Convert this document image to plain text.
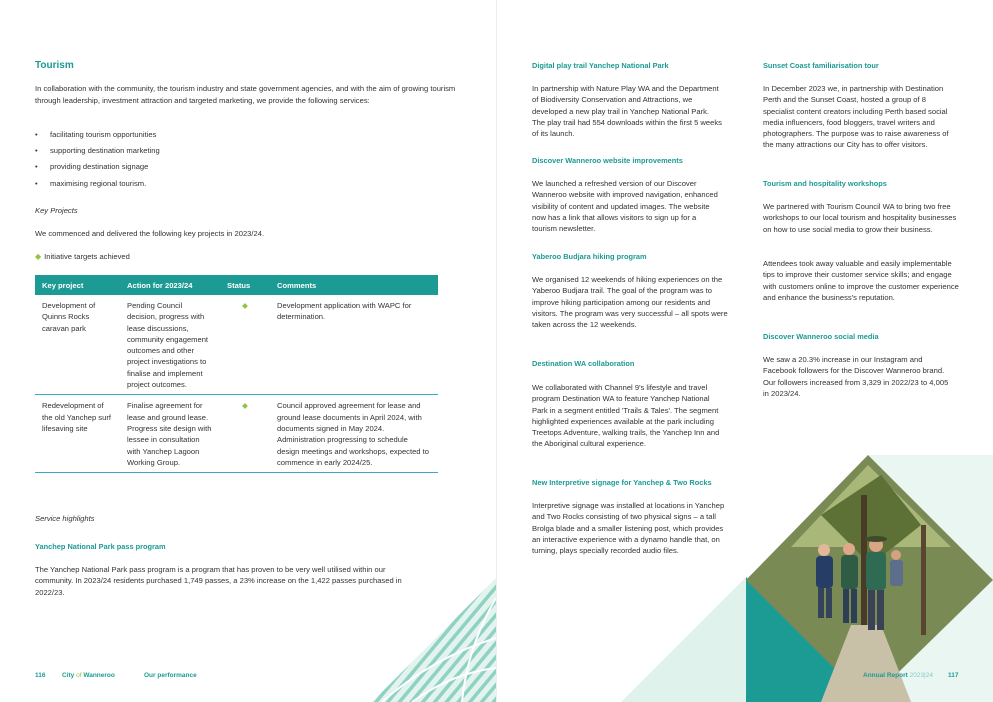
Tourism

In collaboration with the community, the tourism industry and state government agencies, and with the aim of growing tourism through leadership, investment attraction and targeted marketing, we provide the following services:

• facilitating tourism opportunities
• supporting destination marketing
• providing destination signage
• maximising regional tourism.
Key Projects
We commenced and delivered the following key projects in 2023/24.
◆ Initiative targets achieved
Key project	Action for 2023/24	Status	Comments
Development of Quinns Rocks caravan park	Pending Council decision, progress with lease discussions, community engagement outcomes and other project investigations to finalise and implement project outcomes.	◆	Development application with WAPC for determination.
Redevelopment of the old Yanchep surf lifesaving site	Finalise agreement for lease and ground lease. Progress site design with lessee in consultation with Yanchep Lagoon Working Group.	◆	Council approved agreement for lease and ground lease documents in April 2024, with documents signed in May 2024. Administration progressing to schedule design meetings and workshops, expected to commence in early 2024/25.
Service highlights
Yanchep National Park pass program

The Yanchep National Park pass program is a program that has proven to be very well utilised within our community. In 2023/24 residents purchased 1,749 passes, a 23% increase on the 1,422 passes purchased in 2022/23.

116	City of Wanneroo	Our performance
Digital play trail Yanchep National Park

In partnership with Nature Play WA and the Department of Biodiversity Conservation and Attractions, we developed a new play trail in Yanchep National Park. The play trail had 554 downloads within the first 5 weeks of its launch.

Discover Wanneroo website improvements

We launched a refreshed version of our Discover Wanneroo website with improved navigation, enhanced visibility of content and updated images. The website now has a link that allows visitors to sign up for a tourism newsletter.

Yaberoo Budjara hiking program

We organised 12 weekends of hiking experiences on the Yaberoo Budjara trail. The goal of the program was to improve hiking participation among our residents and visitors. The program was very successful – all spots were taken across the 12 weekends.

Destination WA collaboration

We collaborated with Channel 9's lifestyle and travel program Destination WA to feature Yanchep National Park in a segment entitled 'Trails & Tales'. The segment highlighted experiences available at the park including Treetops Adventure, walking trails, the Yanchep Inn and the Aboriginal cultural experience.

New Interpretive signage for Yanchep & Two Rocks

Interpretive signage was installed at locations in Yanchep and Two Rocks consisting of two physical signs – a tall Brolga blade and a smaller listening post, which provides an interactive experience with a dynamo handle that, on turning, plays specially recorded audio files.

Sunset Coast familiarisation tour

In December 2023 we, in partnership with Destination Perth and the Sunset Coast, hosted a group of 8 specialist content creators including Perth based social media influencers, food bloggers, travel writers and photographers. The purpose was to raise awareness of the many attractions our City has to offer visitors.

Tourism and hospitality workshops

We partnered with Tourism Council WA to bring two free workshops to our local tourism and hospitality businesses on how to use social media to grow their business.

Attendees took away valuable and easily implementable tips to improve their customer service skills; and engage with customers online to improve the customer experience and enhance the business's reputation.

Discover Wanneroo social media

We saw a 20.3% increase in our Instagram and Facebook followers for the Discover Wanneroo brand. Our followers increased from 3,329 in 2022/23 to 4,005 in 2023/24.

Annual Report 2023|24 117
